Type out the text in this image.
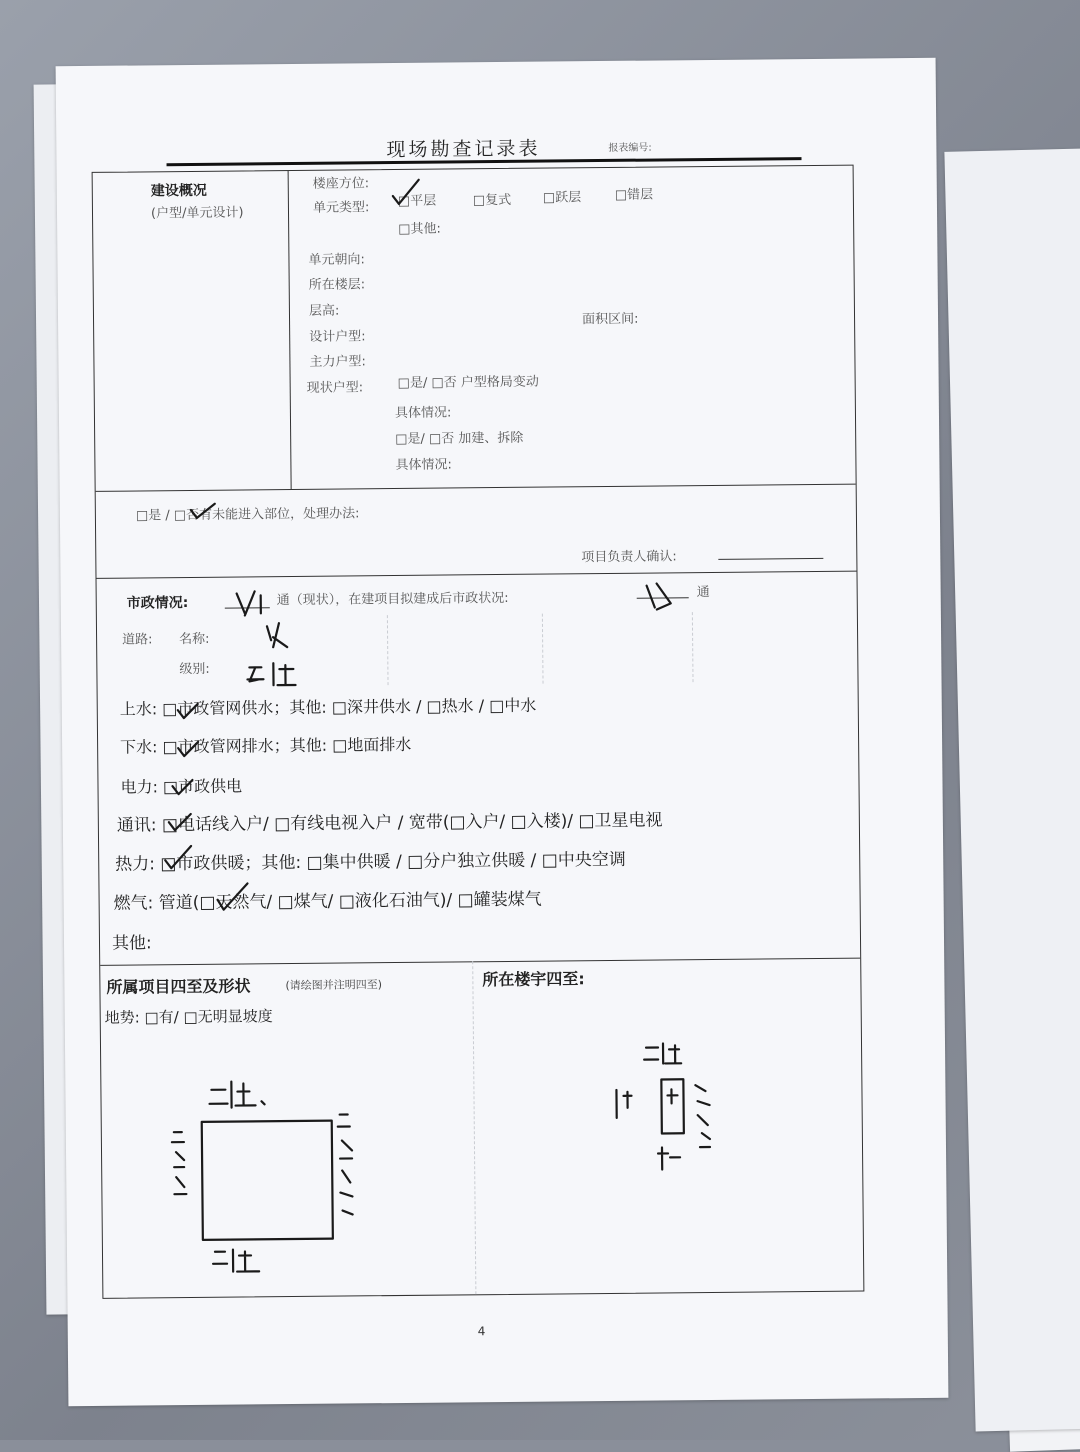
现场勘查记录表	报表编号:
建设概况
(户型/单元设计)
楼座方位:
单元类型: □平层	□复式 □跃层	□错层
□其他:
单元朝向:
所在楼层:
层高:
设计户型:
面积区间:
主力户型:
现状户型:	□是/ □否 户型格局变动
具体情况:
□是/ □否 加建、拆除
具体情况:
□是 / □否有未能进入部位，处理办法:
项目负责人确认:
市政情况:	通（现状），在建项目拟建成后市政状况:	通
道路: 名称:
级别:
上水: □市政管网供水；其他: □深井供水 / □热水 / □中水
下水: □市政管网排水；其他: □地面排水
电力: □市政供电
通讯: □电话线入户/ □有线电视入户 / 宽带(□入户/ □入楼)/ □卫星电视
热力: □市政供暖；其他: □集中供暖 / □分户独立供暖 / □中央空调
燃气: 管道(□天然气/ □煤气/ □液化石油气)/ □罐装煤气
其他:
所属项目四至及形状	(请绘图并注明四至)
地势: □有/ □无明显坡度
所在楼宇四至:
4
